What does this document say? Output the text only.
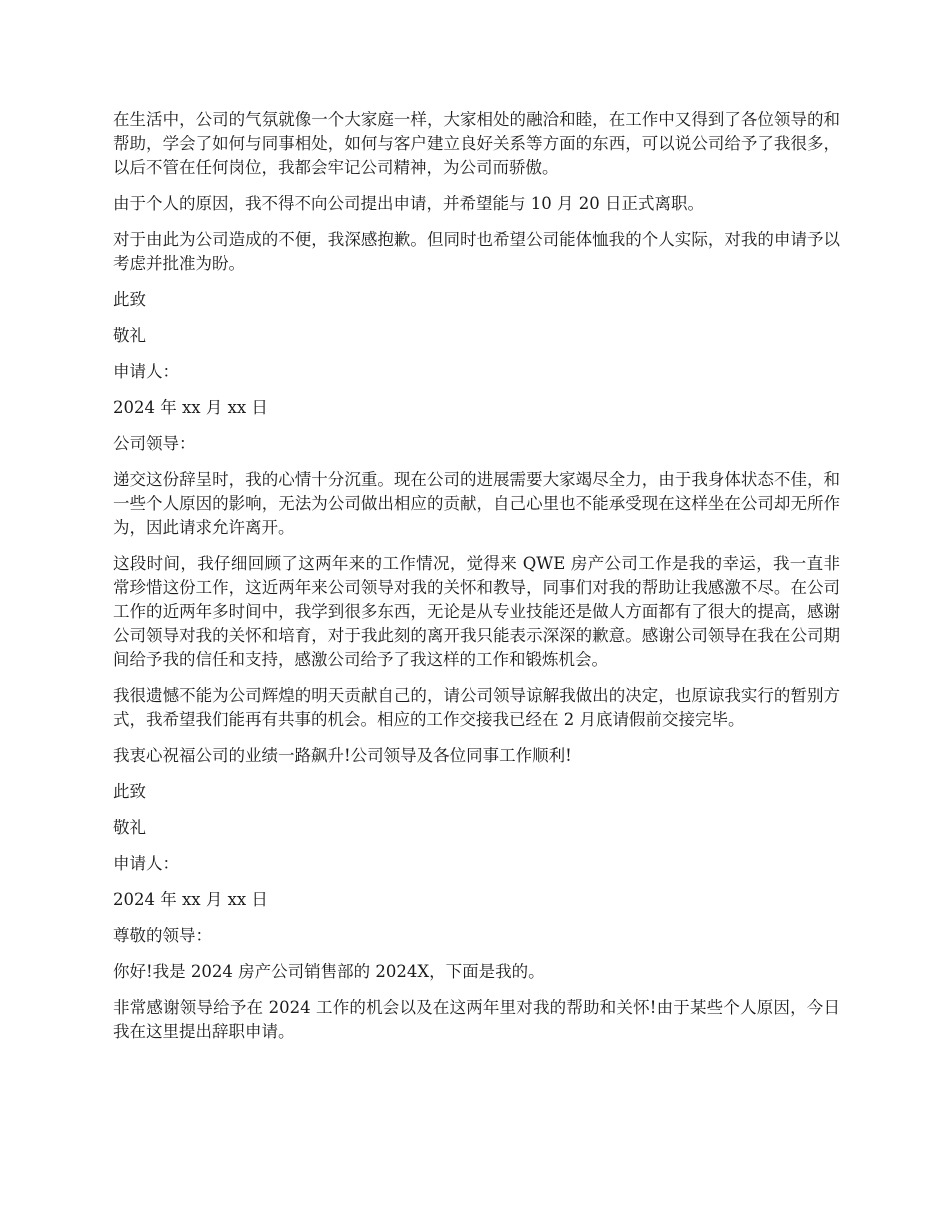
在生活中，公司的气氛就像一个大家庭一样，大家相处的融洽和睦，在工作中又得到了各位领导的和帮助，学会了如何与同事相处，如何与客户建立良好关系等方面的东西，可以说公司给予了我很多，以后不管在任何岗位，我都会牢记公司精神，为公司而骄傲。

由于个人的原因，我不得不向公司提出申请，并希望能与 10 月 20 日正式离职。

对于由此为公司造成的不便，我深感抱歉。但同时也希望公司能体恤我的个人实际，对我的申请予以考虑并批准为盼。

此致

敬礼

申请人：

2024 年 xx 月 xx 日

公司领导：

递交这份辞呈时，我的心情十分沉重。现在公司的进展需要大家竭尽全力，由于我身体状态不佳，和一些个人原因的影响，无法为公司做出相应的贡献，自己心里也不能承受现在这样坐在公司却无所作为，因此请求允许离开。

这段时间，我仔细回顾了这两年来的工作情况，觉得来 QWE 房产公司工作是我的幸运，我一直非常珍惜这份工作，这近两年来公司领导对我的关怀和教导，同事们对我的帮助让我感激不尽。在公司工作的近两年多时间中，我学到很多东西，无论是从专业技能还是做人方面都有了很大的提高，感谢公司领导对我的关怀和培育，对于我此刻的离开我只能表示深深的歉意。感谢公司领导在我在公司期间给予我的信任和支持，感激公司给予了我这样的工作和锻炼机会。

我很遗憾不能为公司辉煌的明天贡献自己的，请公司领导谅解我做出的决定，也原谅我实行的暂别方式，我希望我们能再有共事的机会。相应的工作交接我已经在 2 月底请假前交接完毕。

我衷心祝福公司的业绩一路飙升!公司领导及各位同事工作顺利!

此致

敬礼

申请人：

2024 年 xx 月 xx 日

尊敬的领导：

你好!我是 2024 房产公司销售部的 2024X，下面是我的。

非常感谢领导给予在 2024 工作的机会以及在这两年里对我的帮助和关怀!由于某些个人原因，今日我在这里提出辞职申请。
